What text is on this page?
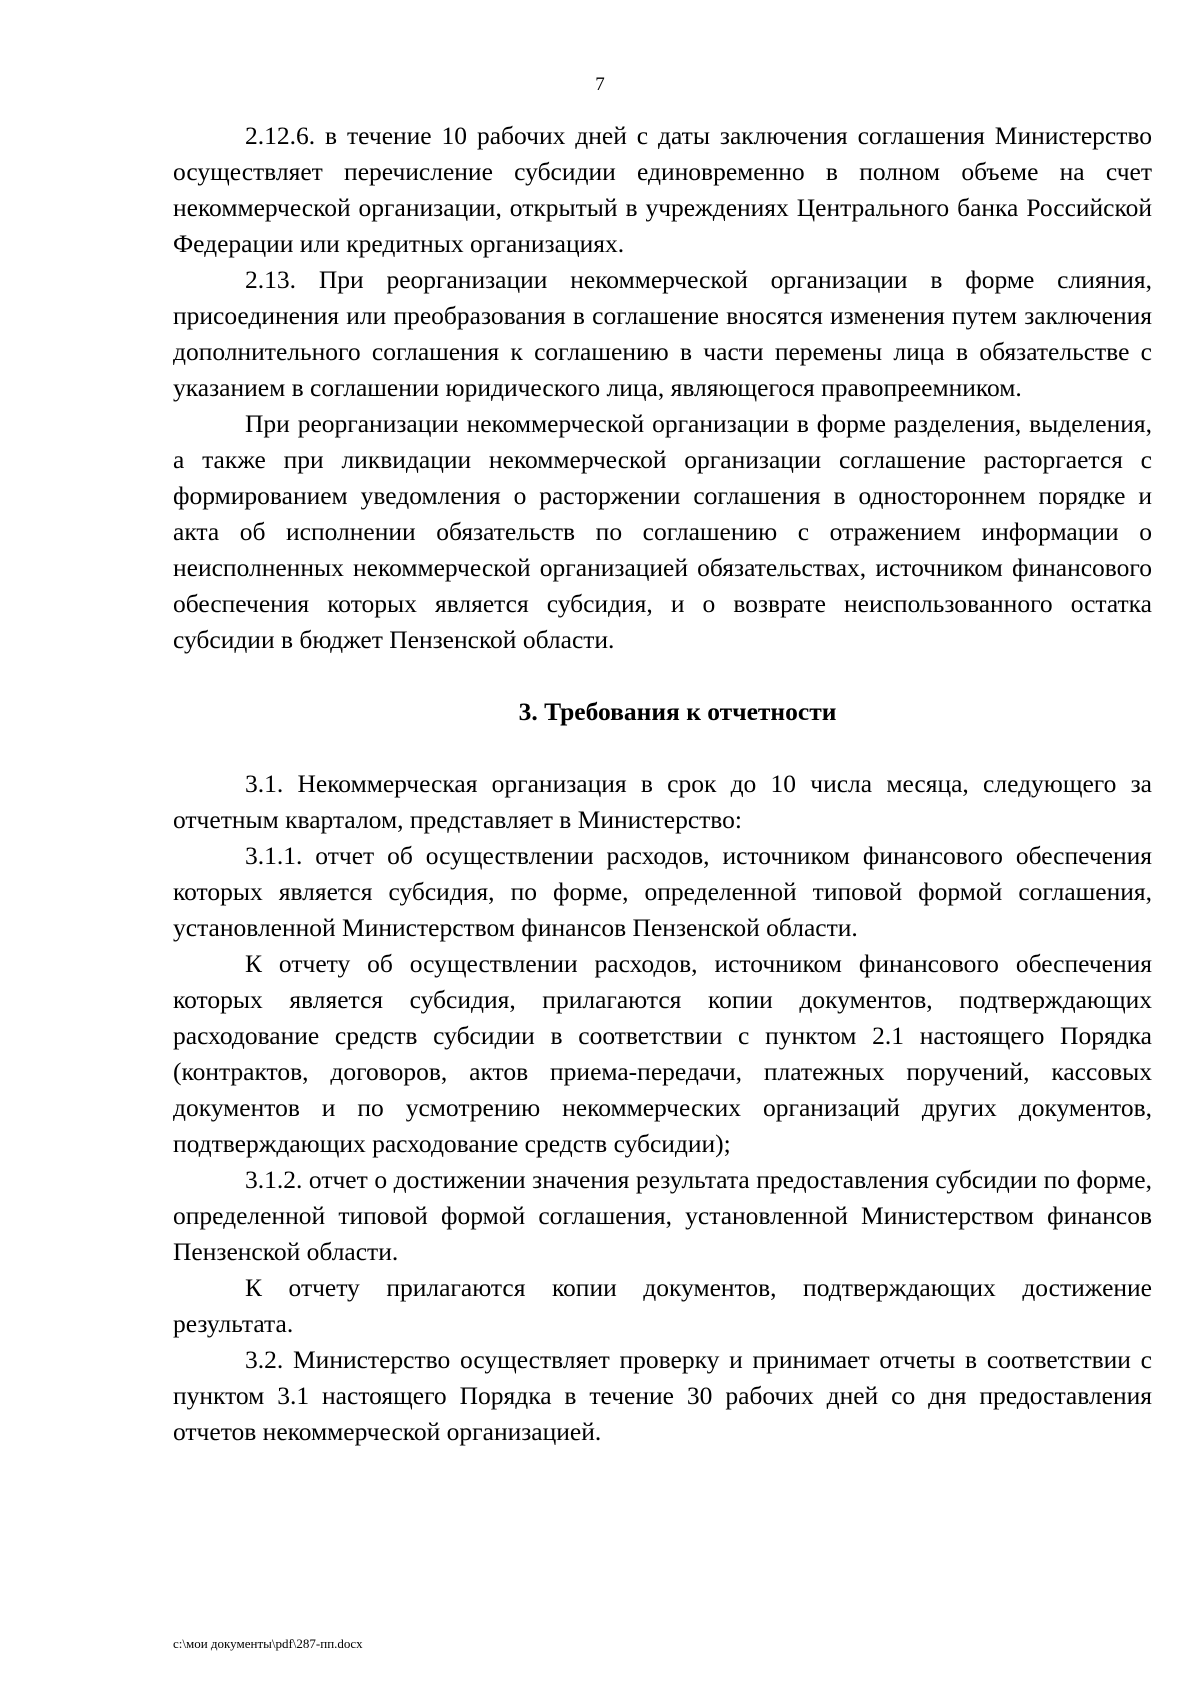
7

2.12.6. в течение 10 рабочих дней с даты заключения соглашения Министерство осуществляет перечисление субсидии единовременно в полном объеме на счет некоммерческой организации, открытый в учреждениях Центрального банка Российской Федерации или кредитных организациях.

2.13. При реорганизации некоммерческой организации в форме слияния, присоединения или преобразования в соглашение вносятся изменения путем заключения дополнительного соглашения к соглашению в части перемены лица в обязательстве с указанием в соглашении юридического лица, являющегося правопреемником.

При реорганизации некоммерческой организации в форме разделения, выделения, а также при ликвидации некоммерческой организации соглашение расторгается с формированием уведомления о расторжении соглашения в одностороннем порядке и акта об исполнении обязательств по соглашению с отражением информации о неисполненных некоммерческой организацией обязательствах, источником финансового обеспечения которых является субсидия, и о возврате неиспользованного остатка субсидии в бюджет Пензенской области.

3. Требования к отчетности

3.1. Некоммерческая организация в срок до 10 числа месяца, следующего за отчетным кварталом, представляет в Министерство:

3.1.1. отчет об осуществлении расходов, источником финансового обеспечения которых является субсидия, по форме, определенной типовой формой соглашения, установленной Министерством финансов Пензенской области.

К отчету об осуществлении расходов, источником финансового обеспечения которых является субсидия, прилагаются копии документов, подтверждающих расходование средств субсидии в соответствии с пунктом 2.1 настоящего Порядка (контрактов, договоров, актов приема-передачи, платежных поручений, кассовых документов и по усмотрению некоммерческих организаций других документов, подтверждающих расходование средств субсидии);

3.1.2. отчет о достижении значения результата предоставления субсидии по форме, определенной типовой формой соглашения, установленной Министерством финансов Пензенской области.

К отчету прилагаются копии документов, подтверждающих достижение результата.

3.2. Министерство осуществляет проверку и принимает отчеты в соответствии с пунктом 3.1 настоящего Порядка в течение 30 рабочих дней со дня предоставления отчетов некоммерческой организацией.

c:\мои документы\pdf\287-пп.docx
